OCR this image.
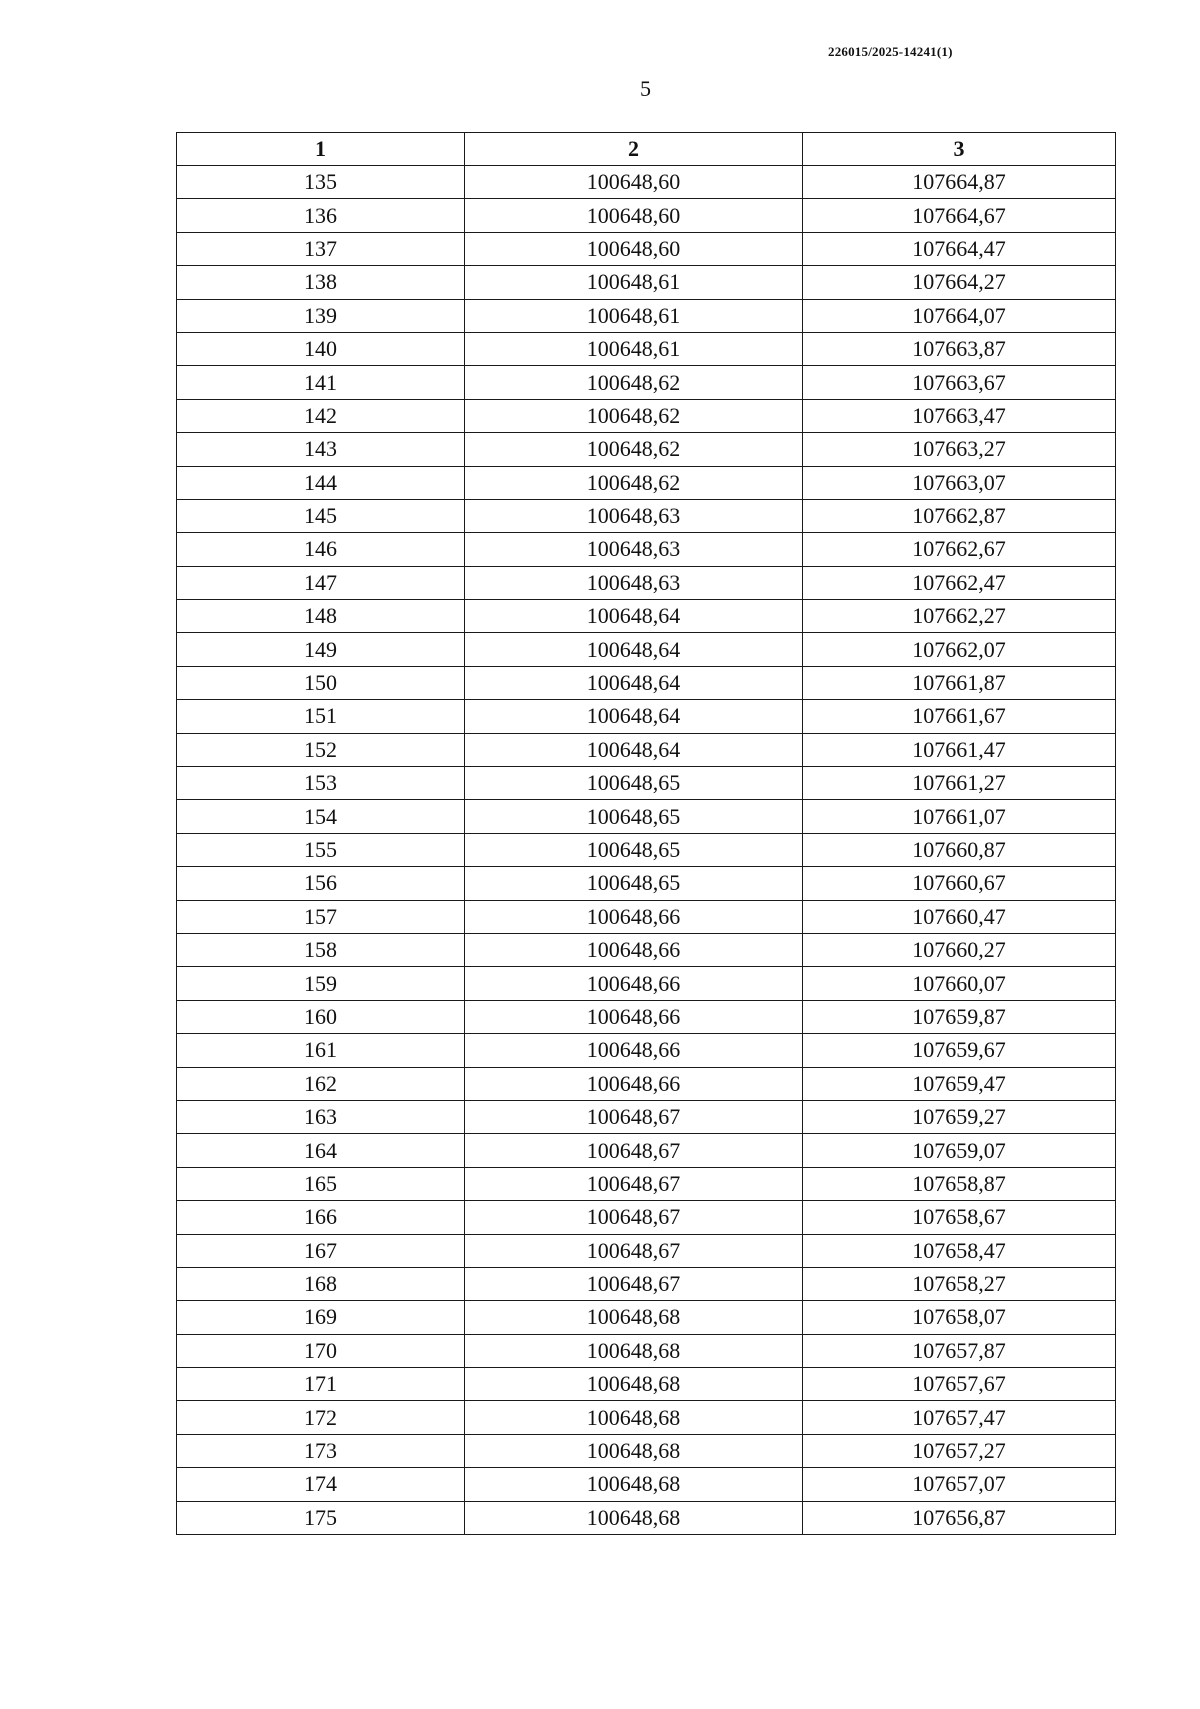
226015/2025-14241(1)
5
1	2	3
135	100648,60	107664,87
136	100648,60	107664,67
137	100648,60	107664,47
138	100648,61	107664,27
139	100648,61	107664,07
140	100648,61	107663,87
141	100648,62	107663,67
142	100648,62	107663,47
143	100648,62	107663,27
144	100648,62	107663,07
145	100648,63	107662,87
146	100648,63	107662,67
147	100648,63	107662,47
148	100648,64	107662,27
149	100648,64	107662,07
150	100648,64	107661,87
151	100648,64	107661,67
152	100648,64	107661,47
153	100648,65	107661,27
154	100648,65	107661,07
155	100648,65	107660,87
156	100648,65	107660,67
157	100648,66	107660,47
158	100648,66	107660,27
159	100648,66	107660,07
160	100648,66	107659,87
161	100648,66	107659,67
162	100648,66	107659,47
163	100648,67	107659,27
164	100648,67	107659,07
165	100648,67	107658,87
166	100648,67	107658,67
167	100648,67	107658,47
168	100648,67	107658,27
169	100648,68	107658,07
170	100648,68	107657,87
171	100648,68	107657,67
172	100648,68	107657,47
173	100648,68	107657,27
174	100648,68	107657,07
175	100648,68	107656,87
